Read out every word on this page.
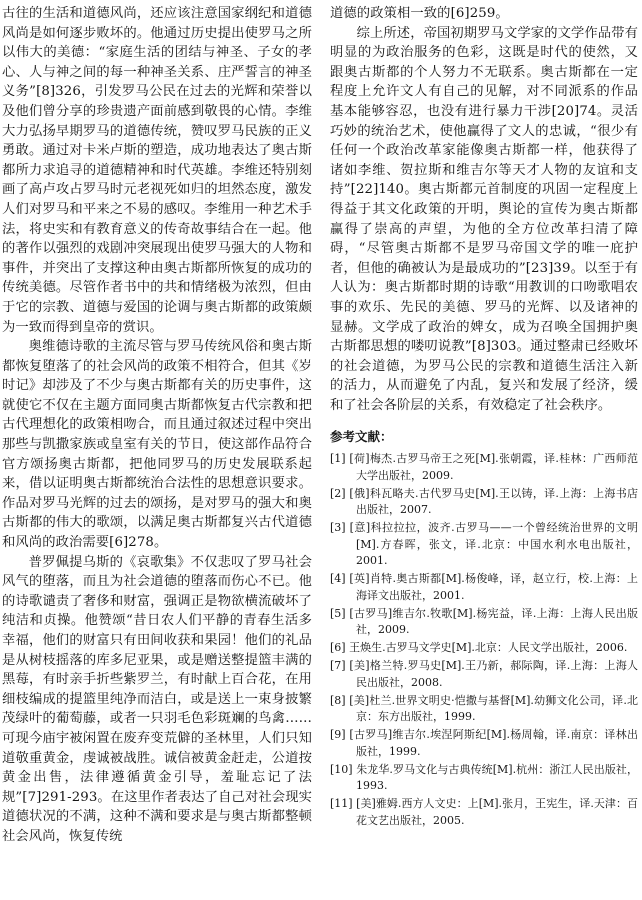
古往的生活和道德风尚，还应该注意国家纲纪和道德风尚是如何逐步败坏的。他通过历史提出使罗马之所以伟大的美德：“家庭生活的团结与神圣、子女的孝心、人与神之间的每一种神圣关系、庄严誓言的神圣义务”[8]326，引发罗马公民在过去的光辉和荣誉以及他们曾分享的珍贵遗产面前感到敬畏的心情。李维大力弘扬早期罗马的道德传统，赞叹罗马民族的正义勇敢。通过对卡米卢斯的塑造，成功地表达了奥古斯都所力求追寻的道德精神和时代英雄。李维还特别刻画了高卢攻占罗马时元老视死如归的坦然态度，激发人们对罗马和平来之不易的感叹。李维用一种艺术手法，将史实和有教育意义的传奇故事结合在一起。他的著作以强烈的戏剧冲突展现出使罗马强大的人物和事件，并突出了支撑这种由奥古斯都所恢复的成功的传统美德。尽管作者书中的共和情绪极为浓烈，但由于它的宗教、道德与爱国的论调与奥古斯都的政策颇为一致而得到皇帝的赏识。

奥维德诗歌的主流尽管与罗马传统风俗和奥古斯都恢复堕落了的社会风尚的政策不相符合，但其《岁时记》却涉及了不少与奥古斯都有关的历史事件，这就使它不仅在主题方面同奥古斯都恢复古代宗教和把古代理想化的政策相吻合，而且通过叙述过程中突出那些与凯撒家族或皇室有关的节日，使这部作品符合官方颂扬奥古斯都，把他同罗马的历史发展联系起来，借以证明奥古斯都统治合法性的思想意识要求。作品对罗马光辉的过去的颂扬，是对罗马的强大和奥古斯都的伟大的歌颂，以满足奥古斯都复兴古代道德和风尚的政治需要[6]278。

普罗佩提乌斯的《哀歌集》不仅悲叹了罗马社会风气的堕落，而且为社会道德的堕落而伤心不已。他的诗歌谴责了奢侈和财富，强调正是物欲横流破坏了纯洁和贞操。他赞颂“昔日农人们平静的青春生活多幸福，他们的财富只有田间收获和果园！他们的礼品是从树枝摇落的库多尼亚果，或是赠送整提篮丰满的黑莓，有时亲手折些紫罗兰，有时献上百合花，在用细枝编成的提篮里纯净而洁白，或是送上一束身披繁茂绿叶的葡萄藤，或者一只羽毛色彩斑斓的鸟禽……可现今庙宇被闲置在废弃变荒僻的圣林里，人们只知道敬重黄金，虔诚被战胜。诚信被黄金赶走，公道按黄金出售，法律遵循黄金引导，羞耻忘记了法规”[7]291-293。在这里作者表达了自己对社会现实道德状况的不满，这种不满和要求是与奥古斯都整顿社会风尚，恢复传统

道德的政策相一致的[6]259。

综上所述，帝国初期罗马文学家的文学作品带有明显的为政治服务的色彩，这既是时代的使然，又跟奥古斯都的个人努力不无联系。奥古斯都在一定程度上允许文人有自己的见解，对不同派系的作品基本能够容忍，也没有进行暴力干涉[20]74。灵活巧妙的统治艺术，使他赢得了文人的忠诚，“很少有任何一个政治改革家能像奥古斯都一样，他获得了诸如李维、贺拉斯和维吉尔等天才人物的友谊和支持”[22]140。奥古斯都元首制度的巩固一定程度上得益于其文化政策的开明，舆论的宣传为奥古斯都赢得了崇高的声望，为他的全方位改革扫清了障碍，“尽管奥古斯都不是罗马帝国文学的唯一庇护者，但他的确被认为是最成功的”[23]39。以至于有人认为：奥古斯都时期的诗歌“用教训的口吻歌唱农事的欢乐、先民的美德、罗马的光辉、以及诸神的显赫。文学成了政治的婢女，成为召唤全国拥护奥古斯都思想的喽叨说教”[8]303。通过整肃已经败坏的社会道德，为罗马公民的宗教和道德生活注入新的活力，从而避免了内乱，复兴和发展了经济，缓和了社会各阶层的关系，有效稳定了社会秩序。

参考文献：
[1] [荷]梅杰.古罗马帝王之死[M].张朝霞，译.桂林：广西师范大学出版社，2009.
[2] [俄]科瓦略夫.古代罗马史[M].王以铸，译.上海：上海书店出版社，2007.
[3] [意]科拉拉拉，波齐.古罗马——一个曾经统治世界的文明[M].方春晖，张文，译.北京：中国水利水电出版社，2001.
[4] [英]肖特.奥古斯都[M].杨俊峰，译，赵立行，校.上海：上海译文出版社，2001.
[5] [古罗马]维吉尔.牧歌[M].杨宪益，译.上海：上海人民出版社，2009.
[6] 王焕生.古罗马文学史[M].北京：人民文学出版社，2006.
[7] [美]格兰特.罗马史[M].王乃新，郝际陶，译.上海：上海人民出版社，2008.
[8] [美]杜兰.世界文明史·恺撒与基督[M].幼狮文化公司，译.北京：东方出版社，1999.
[9] [古罗马]维吉尔.埃涅阿斯纪[M].杨周翰，译.南京：译林出版社，1999.
[10] 朱龙华.罗马文化与古典传统[M].杭州：浙江人民出版社，1993.
[11] [美]雅姆.西方人文史：上[M].张月，王宪生，译.天津：百花文艺出版社，2005.
